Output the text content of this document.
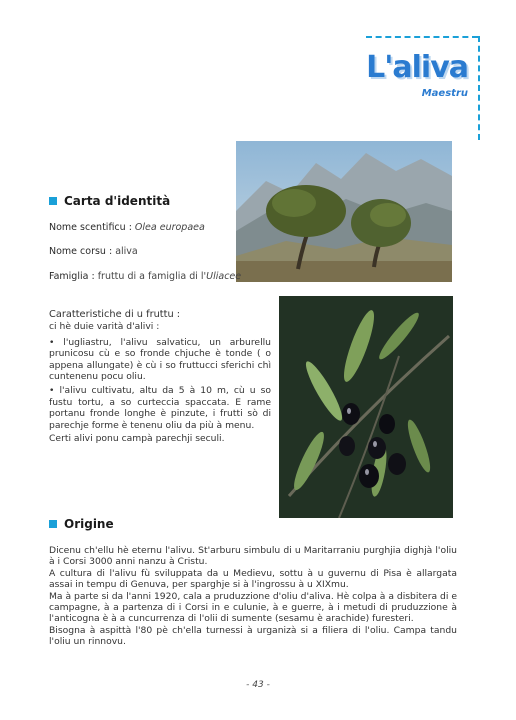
L'aliva
Maestru
Carta d'identità
Nome scentificu : Olea europaea
Nome corsu : aliva
Famiglia : fruttu di a famiglia di l'Uliacee

Caratteristiche di u fruttu :

ci hè duie varità d'alivi :

• l'ugliastru, l'alivu salvaticu, un arburellu prunicosu cù e so fronde chjuche è tonde ( o appena allungate) è cù i so fruttucci sferichi chì cuntenenu pocu oliu.

• l'alivu cultivatu, altu da 5 à 10 m, cù u so fustu tortu, a so curteccia spaccata. E rame portanu fronde longhe è pinzute, i frutti sò di parechje forme è tenenu oliu da più à menu.

Certi alivi ponu campà parechji seculi.

Origine

Dicenu ch'ellu hè eternu l'alivu. St'arburu simbulu di u Maritarraniu purghjia dighjà l'oliu à i Corsi 3000 anni nanzu à Cristu.

A cultura di l'alivu fù sviluppata da u Medievu, sottu à u guvernu di Pisa è allargata assai in tempu di Genuva, per sparghje si à l'ingrossu à u XIXmu.

Ma à parte si da l'anni 1920, cala a pruduzzione d'oliu d'aliva. Hè colpa à a disbitera di e campagne, à a partenza di i Corsi in e culunie, à e guerre, à i metudi di pruduzzione à l'anticogna è à a cuncurrenza di l'olii di sumente (sesamu è arachide) furesteri.

Bisogna à aspittà l'80 pè ch'ella turnessi à urganizà si a filiera di l'oliu. Campa tandu l'oliu un rinnovu.

- 43 -
